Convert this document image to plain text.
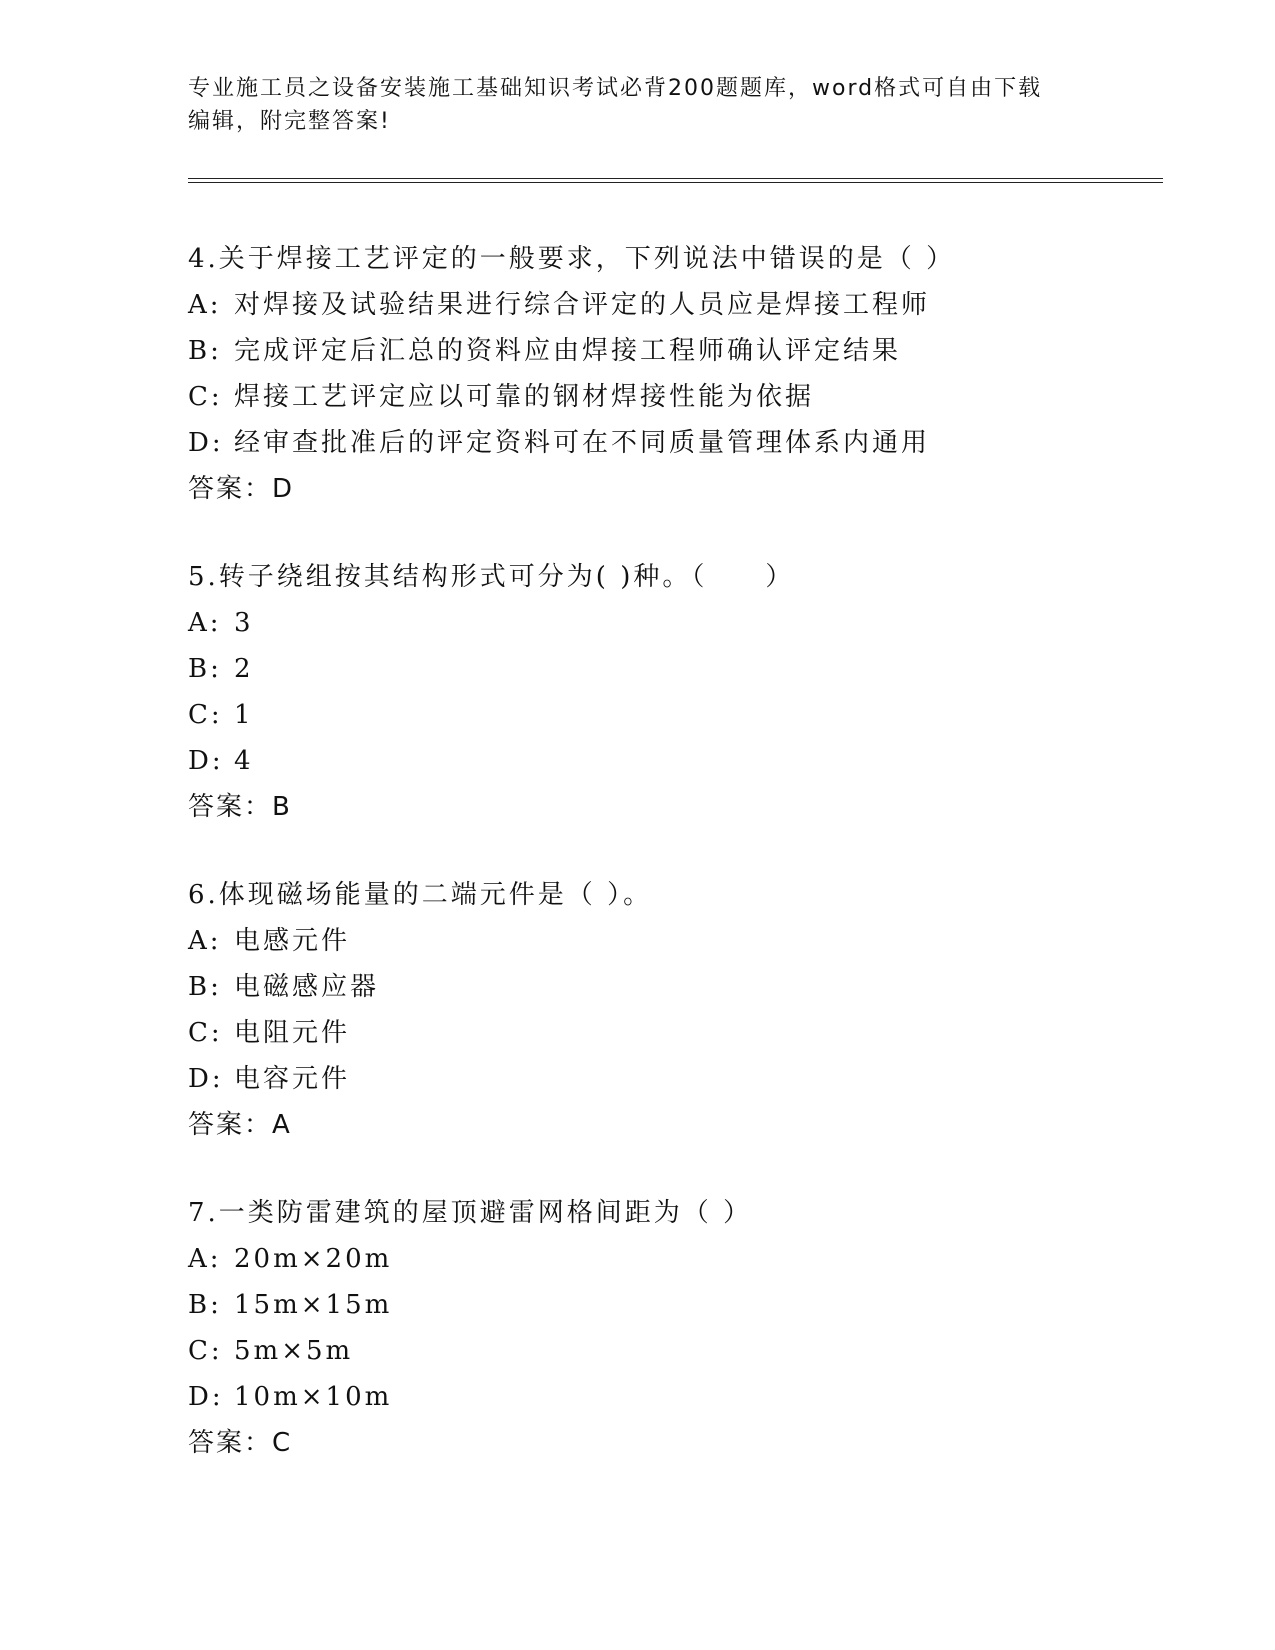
专业施工员之设备安装施工基础知识考试必背200题题库，word格式可自由下载
编辑，附完整答案!
4.关于焊接工艺评定的一般要求，下列说法中错误的是（ ）
A: 对焊接及试验结果进行综合评定的人员应是焊接工程师
B: 完成评定后汇总的资料应由焊接工程师确认评定结果
C: 焊接工艺评定应以可靠的钢材焊接性能为依据
D: 经审查批准后的评定资料可在不同质量管理体系内通用
答案：D
5.转子绕组按其结构形式可分为( )种。（　　）
A: 3
B: 2
C: 1
D: 4
答案：B
6.体现磁场能量的二端元件是（ ）。
A: 电感元件
B: 电磁感应器
C: 电阻元件
D: 电容元件
答案：A
7.一类防雷建筑的屋顶避雷网格间距为（ ）
A: 20m×20m
B: 15m×15m
C: 5m×5m
D: 10m×10m
答案：C
